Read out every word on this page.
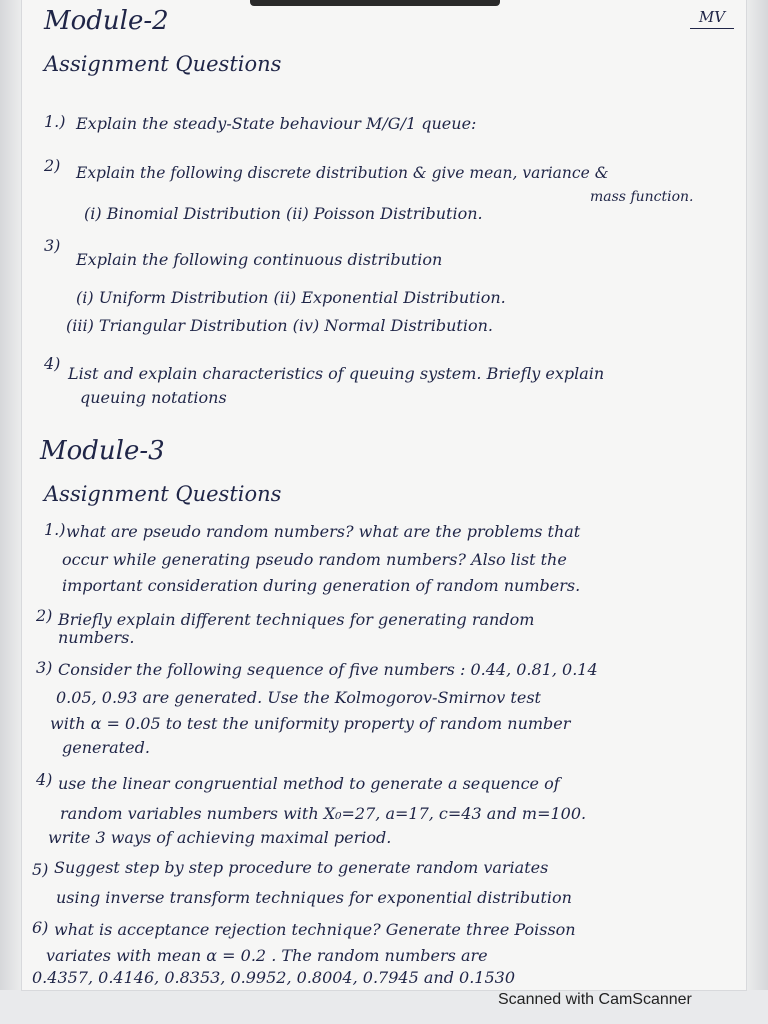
MV
Module-2
Assignment Questions
1.) Explain the steady-State behaviour M/G/1 queue:
2) Explain the following discrete distribution & give mean, variance &
mass function.
(i) Binomial Distribution (ii) Poisson Distribution.
3)
Explain the following continuous distribution
(i) Uniform Distribution (ii) Exponential Distribution.
(iii) Triangular Distribution (iv) Normal Distribution.
4)
List and explain characteristics of queuing system. Briefly explain
queuing notations
Module-3
Assignment Questions
1.) what are pseudo random numbers? what are the problems that
occur while generating pseudo random numbers? Also list the
important consideration during generation of random numbers.
2) Briefly explain different techniques for generating random
numbers.
3) Consider the following sequence of five numbers : 0.44, 0.81, 0.14
0.05, 0.93 are generated. Use the Kolmogorov-Smirnov test
with α = 0.05 to test the uniformity property of random number
generated.
4) use the linear congruential method to generate a sequence of
random variables numbers with X₀=27, a=17, c=43 and m=100.
write 3 ways of achieving maximal period.
5) Suggest step by step procedure to generate random variates
using inverse transform techniques for exponential distribution
6) what is acceptance rejection technique? Generate three Poisson
variates with mean α = 0.2 . The random numbers are
0.4357, 0.4146, 0.8353, 0.9952, 0.8004, 0.7945 and 0.1530
Scanned with CamScanner
